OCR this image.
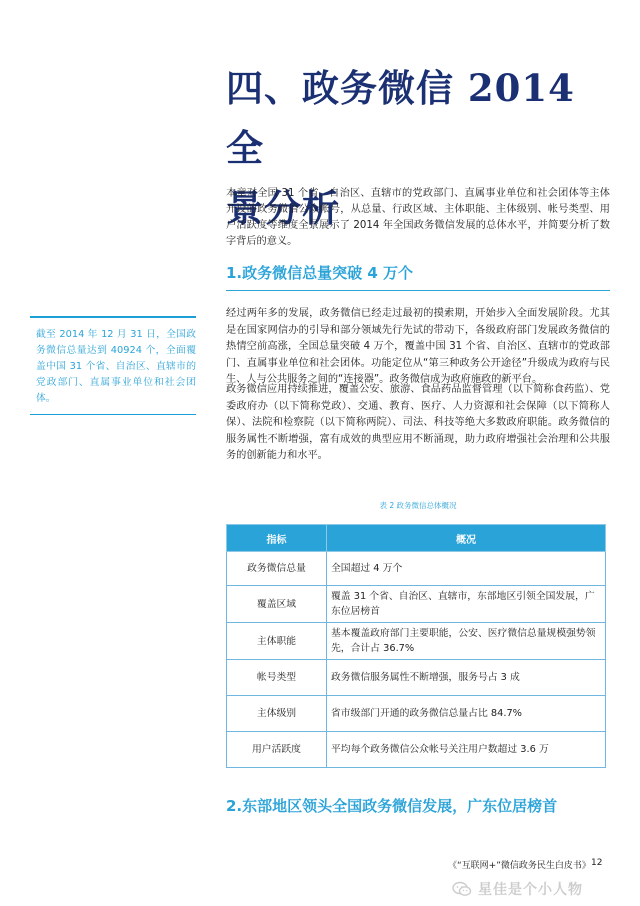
四、政务微信 2014 全
景分析

本章对全国 31 个省、自治区、直辖市的党政部门、直属事业单位和社会团体等主体开设的政务微信公众帐号，从总量、行政区域、主体职能、主体级别、帐号类型、用户活跃度等维度全景展示了 2014 年全国政务微信发展的总体水平，并简要分析了数字背后的意义。

1.政务微信总量突破 4 万个

截至 2014 年 12 月 31 日，全国政务微信总量达到 40924 个，全面覆盖中国 31 个省、自治区、直辖市的党政部门、直属事业单位和社会团体。

经过两年多的发展，政务微信已经走过最初的摸索期，开始步入全面发展阶段。尤其是在国家网信办的引导和部分领域先行先试的带动下，各级政府部门发展政务微信的热情空前高涨，全国总量突破 4 万个，覆盖中国 31 个省、自治区、直辖市的党政部门、直属事业单位和社会团体。功能定位从“第三种政务公开途径”升级成为政府与民生、人与公共服务之间的“连接器”。政务微信成为政府施政的新平台。

政务微信应用持续推进，覆盖公安、旅游、食品药品监督管理（以下简称食药监）、党委政府办（以下简称党政）、交通、教育、医疗、人力资源和社会保障（以下简称人保）、法院和检察院（以下简称两院）、司法、科技等绝大多数政府职能。政务微信的服务属性不断增强，富有成效的典型应用不断涌现，助力政府增强社会治理和公共服务的创新能力和水平。

表 2 政务微信总体概况
指标	概况
政务微信总量	全国超过 4 万个
覆盖区域	覆盖 31 个省、自治区、直辖市，东部地区引领全国发展，广东位居榜首
主体职能	基本覆盖政府部门主要职能，公安、医疗微信总量规模强势领先，合计占 36.7%
帐号类型	政务微信服务属性不断增强，服务号占 3 成
主体级别	省市级部门开通的政务微信总量占比 84.7%
用户活跃度	平均每个政务微信公众帐号关注用户数超过 3.6 万
2.东部地区领头全国政务微信发展，广东位居榜首
《“互联网+”微信政务民生白皮书》 12
星佳是个小人物
